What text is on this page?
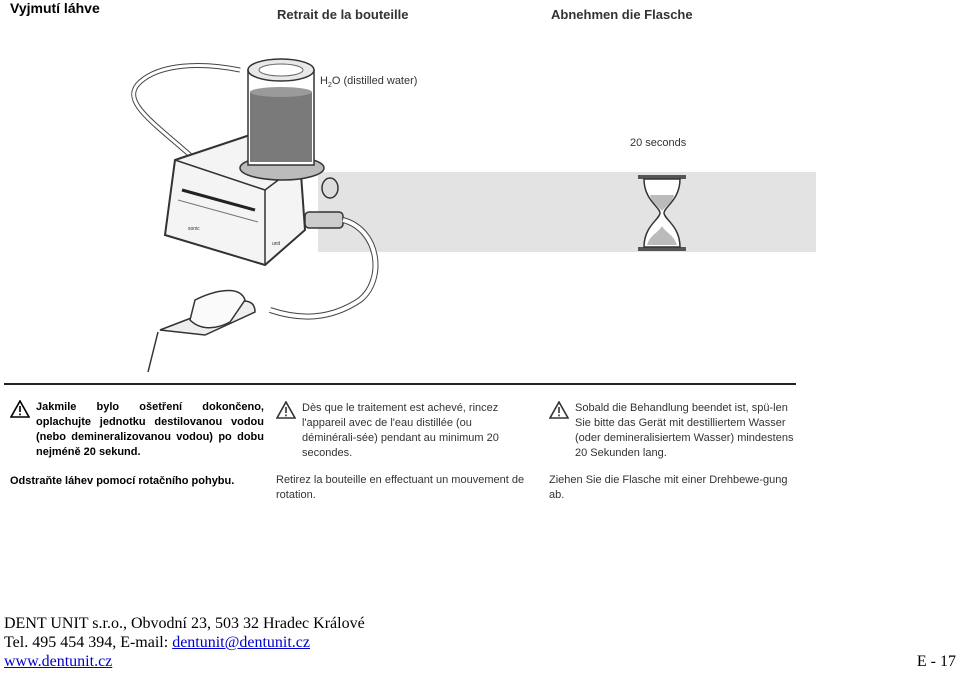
Vyjmutí láhve	Retrait de la bouteille	Abnehmen die Flasche
sonic
unit
$H_2O$ (distilled water)
20 seconds
Jakmile bylo ošetření dokončeno, oplachujte jednotku destilovanou vodou (nebo demineralizovanou vodou) po dobu nejméně 20 sekund.
Odstraňte láhev pomocí rotačního pohybu.
Dès que le traitement est achevé, rincez l'appareil avec de l'eau distillée (ou déminérali-sée) pendant au minimum 20 secondes.
Retirez la bouteille en effectuant un mouvement de rotation.
Sobald die Behandlung beendet ist, spü-len Sie bitte das Gerät mit destilliertem Wasser (oder demineralisiertem Wasser) mindestens 20 Sekunden lang.
Ziehen Sie die Flasche mit einer Drehbewe-gung ab.
DENT UNIT s.r.o., Obvodní 23, 503 32 Hradec Králové
Tel. 495 454 394, E-mail: dentunit@dentunit.cz
www.dentunit.cz	E - 17
